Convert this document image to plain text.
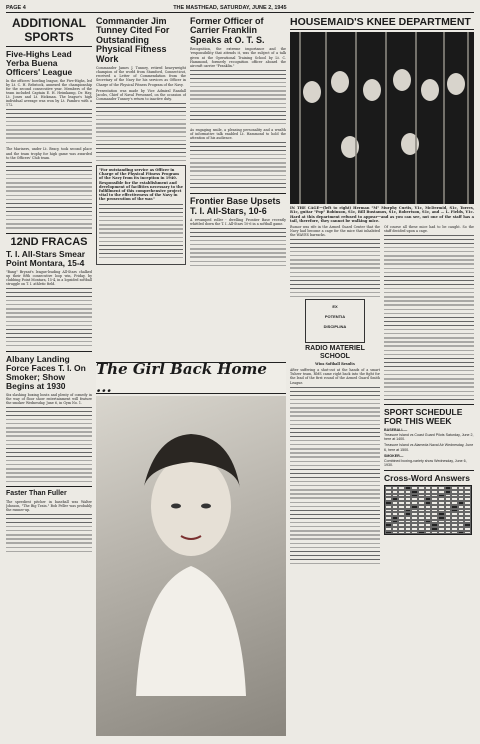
PAGE 4	THE MASTHEAD, SATURDAY, JUNE 2, 1945
ADDITIONAL SPORTS
Five-Highs Lead Yerba Buena Officers' League

In the officers' bowling league, the Five-Highs, led by Lt. C. H. Rebstock, annexed the championship for the second consecutive year. Members of the team included Captain E. H. Heimkamp, Dr. Hay, Lt. Jones and Lt. Hickman. The league's high individual average was won by Lt. Fambro with a 172.

The Mariners, under Lt. Bracy, took second place and the team trophy for high game was awarded to the Officers' Club team.

12ND FRACAS
T. I. All-Stars Smear Point Montara, 15-4

"Bang" Bryant's league-leading All-Stars chalked up their fifth consecutive loop win, Friday, by clubbing Point Montara, 15-4, in a lopsided softball struggle on T. I. athletic field.

Albany Landing Force Faces T. I. On Smoker; Show Begins at 1930

Six slashing boxing bouts and plenty of comedy in the way of floor show entertainment will feature the smoker Wednesday, June 6, in Gym No. 1.

Faster Than Fuller

The speediest pitcher in baseball was Walter Johnson, "The Big Train." Bob Feller was probably the runner-up.

Commander Jim Tunney Cited For Outstanding Physical Fitness Work

Commander James J. Tunney, retired heavyweight champion of the world from Stamford, Connecticut, received a Letter of Commendation from the Secretary of the Navy for his services as Officer in Charge of the Physical Fitness Program of the Navy.

Presentation was made by Vice Admiral Randall Jacobs, Chief of Naval Personnel, on the occasion of Commander Tunney's return to inactive duty.

"For outstanding service as Officer in Charge of the Physical Fitness Program of the Navy from its inception in 1940. Responsible for the establishment and development of facilities necessary to the fulfillment of this comprehensive project vital to the effectiveness of the Navy in the prosecution of the war."
Former Officer of Carrier Franklin Speaks at O. T. S.

Recognition, the extreme importance and the 'responsibility that attends it, was the subject of a talk given at the Operational Training School by Lt. C. Hammond, formerly recognition officer aboard the aircraft carrier "Franklin."

As engaging smile, a pleasing personality and a wealth of informative talk enabled Lt. Hammond to hold the attention of his audience.

Frontier Base Upsets T. I. All-Stars, 10-6

A revamped roller - dwelling Frontier Base recently whittled down the T. I. All-Stars 10-6 in a softball game.

The Girl Back Home ...
HOUSEMAID'S KNEE DEPARTMENT
IN THE CAGE—(left to right) Herman "M" Murphy Curtis, Y1c, McDermid, S1c, Torres, R1c, guitar "Pop" Robinson, S1c, Bill Bustamos, S1c, Robertson, S1c, and ... L. Fields, Y1c. Hard at this department refused to appear—and as you can see, not one of the staff has a tail, therefore, they cannot be walking mice.

Rumor was rife in the Armed Guard Center that the Navy had become a cage for the mice that inhabited the WAVES barracks.

EX
POTENTIA
DISCIPLINA
RADIO MATERIEL SCHOOL
Wins Softball Results

After suffering a shut-out at the hands of a smart Tuhrer team, RMS came right back into the fight for the lead of the first round of the Armed Guard Smith League.

Of course all these mice had to be caught. So the staff decided upon a cage.

SPORT SCHEDULE FOR THIS WEEK
BASEBALL—
Treasure Island vs Coast Guard Pilots Saturday, June 2, here at 1400.
Treasure Island vs Alameda Naval Air Wednesday, June 6, here at 1500.
SMOKER—
Combined boxing-variety show Wednesday, June 6, 1930.
Cross-Word Answers
